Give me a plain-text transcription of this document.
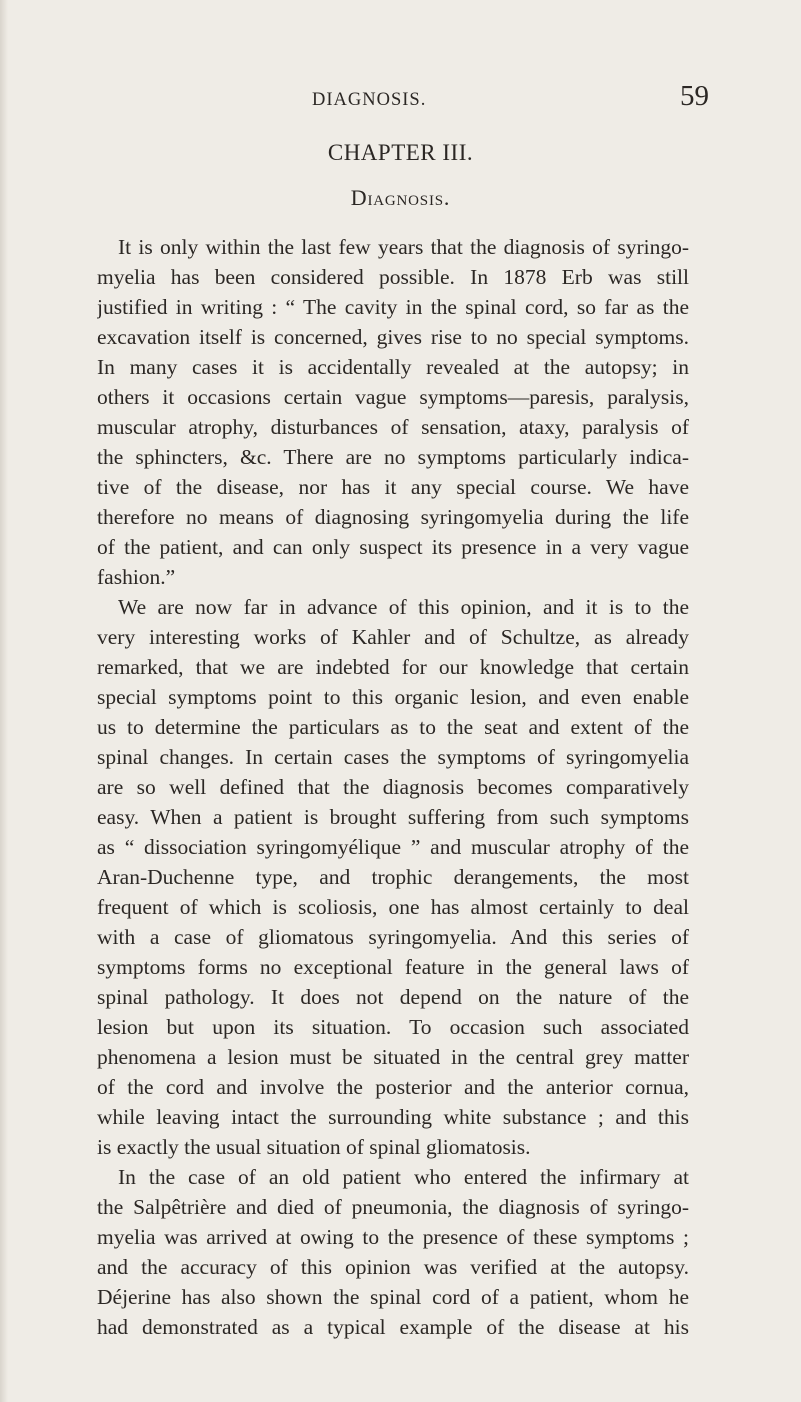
DIAGNOSIS.	59
CHAPTER III.
Diagnosis.
It is only within the last few years that the diagnosis of syringo-
myelia has been considered possible. In 1878 Erb was still
justified in writing : “ The cavity in the spinal cord, so far as the
excavation itself is concerned, gives rise to no special symptoms.
In many cases it is accidentally revealed at the autopsy; in
others it occasions certain vague symptoms—paresis, paralysis,
muscular atrophy, disturbances of sensation, ataxy, paralysis of
the sphincters, &c. There are no symptoms particularly indica-
tive of the disease, nor has it any special course. We have
therefore no means of diagnosing syringomyelia during the life
of the patient, and can only suspect its presence in a very vague
fashion.”
We are now far in advance of this opinion, and it is to the
very interesting works of Kahler and of Schultze, as already
remarked, that we are indebted for our knowledge that certain
special symptoms point to this organic lesion, and even enable
us to determine the particulars as to the seat and extent of the
spinal changes. In certain cases the symptoms of syringomyelia
are so well defined that the diagnosis becomes comparatively
easy. When a patient is brought suffering from such symptoms
as “ dissociation syringomyélique ” and muscular atrophy of the
Aran-Duchenne type, and trophic derangements, the most
frequent of which is scoliosis, one has almost certainly to deal
with a case of gliomatous syringomyelia. And this series of
symptoms forms no exceptional feature in the general laws of
spinal pathology. It does not depend on the nature of the
lesion but upon its situation. To occasion such associated
phenomena a lesion must be situated in the central grey matter
of the cord and involve the posterior and the anterior cornua,
while leaving intact the surrounding white substance ; and this
is exactly the usual situation of spinal gliomatosis.
In the case of an old patient who entered the infirmary at
the Salpêtrière and died of pneumonia, the diagnosis of syringo-
myelia was arrived at owing to the presence of these symptoms ;
and the accuracy of this opinion was verified at the autopsy.
Déjerine has also shown the spinal cord of a patient, whom he
had demonstrated as a typical example of the disease at his
